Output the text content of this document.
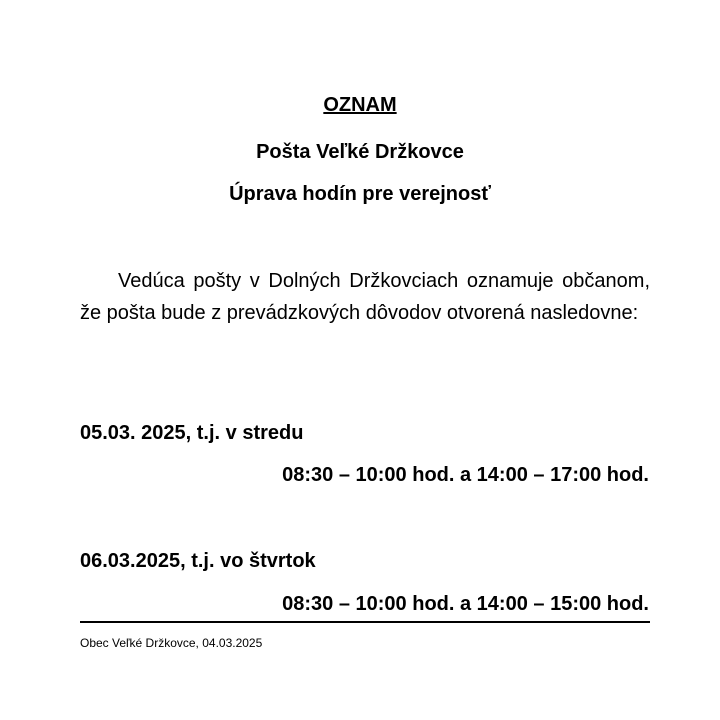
OZNAM
Pošta Veľké Držkovce
Úprava hodín pre verejnosť
Vedúca pošty v Dolných Držkovciach oznamuje občanom, že pošta bude z prevádzkových dôvodov otvorená nasledovne:
05.03. 2025, t.j. v stredu
08:30 – 10:00 hod. a 14:00 – 17:00 hod.
06.03.2025, t.j. vo štvrtok
08:30 – 10:00 hod. a 14:00 – 15:00 hod.
Obec Veľké Držkovce, 04.03.2025
